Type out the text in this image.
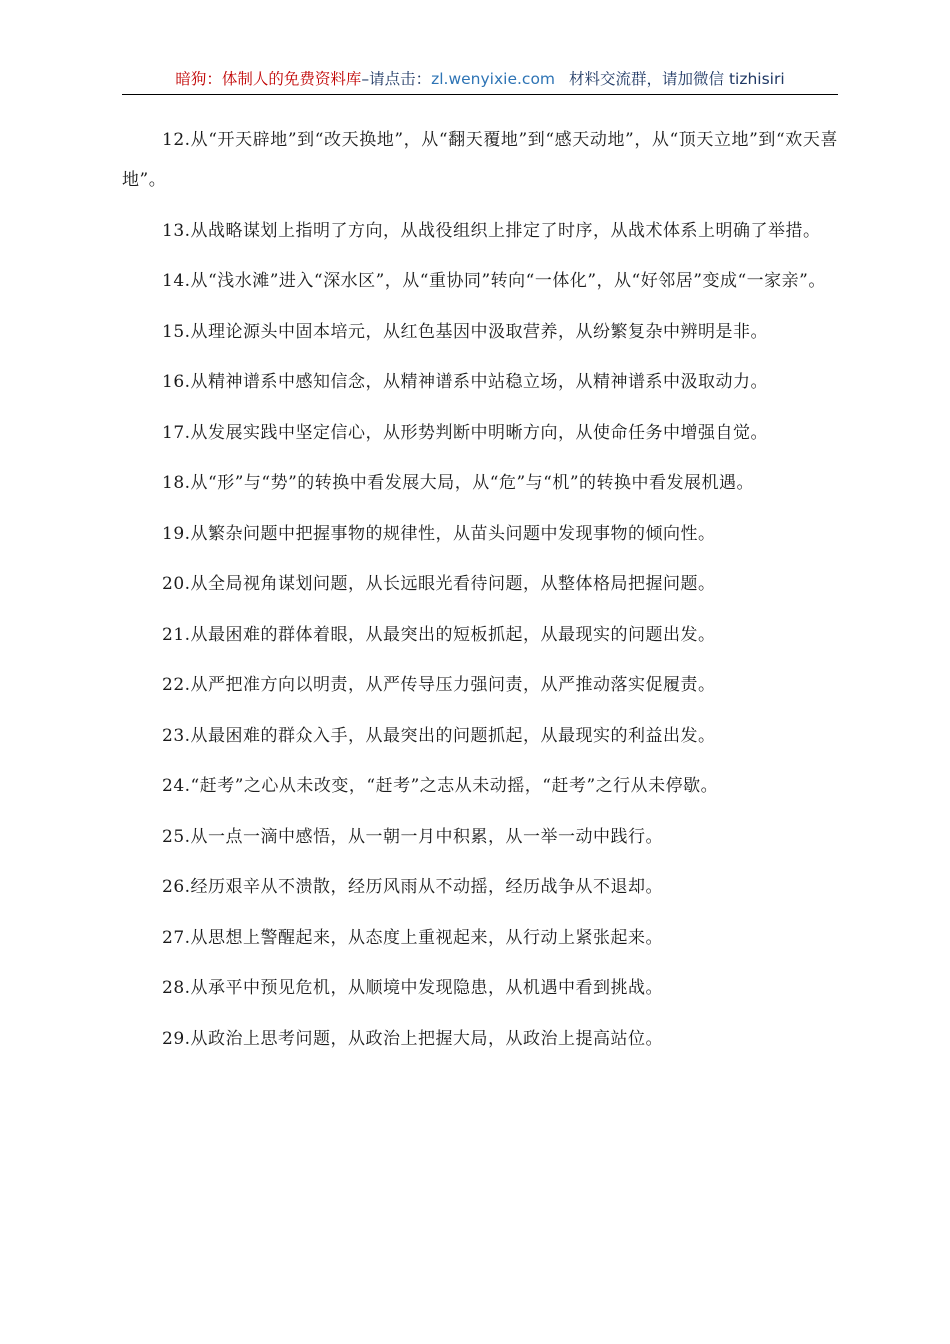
暗狗：体制人的免费资料库–请点击：zl.wenyixie.com 材料交流群，请加微信 tizhisiri

12.从“开天辟地”到“改天换地”，从“翻天覆地”到“感天动地”，从“顶天立地”到“欢天喜地”。

13.从战略谋划上指明了方向，从战役组织上排定了时序，从战术体系上明确了举措。

14.从“浅水滩”进入“深水区”，从“重协同”转向“一体化”，从“好邻居”变成“一家亲”。

15.从理论源头中固本培元，从红色基因中汲取营养，从纷繁复杂中辨明是非。

16.从精神谱系中感知信念，从精神谱系中站稳立场，从精神谱系中汲取动力。

17.从发展实践中坚定信心，从形势判断中明晰方向，从使命任务中增强自觉。

18.从“形”与“势”的转换中看发展大局，从“危”与“机”的转换中看发展机遇。

19.从繁杂问题中把握事物的规律性，从苗头问题中发现事物的倾向性。

20.从全局视角谋划问题，从长远眼光看待问题，从整体格局把握问题。

21.从最困难的群体着眼，从最突出的短板抓起，从最现实的问题出发。

22.从严把准方向以明责，从严传导压力强问责，从严推动落实促履责。

23.从最困难的群众入手，从最突出的问题抓起，从最现实的利益出发。

24.“赶考”之心从未改变，“赶考”之志从未动摇，“赶考”之行从未停歇。

25.从一点一滴中感悟，从一朝一月中积累，从一举一动中践行。

26.经历艰辛从不溃散，经历风雨从不动摇，经历战争从不退却。

27.从思想上警醒起来，从态度上重视起来，从行动上紧张起来。

28.从承平中预见危机，从顺境中发现隐患，从机遇中看到挑战。

29.从政治上思考问题，从政治上把握大局，从政治上提高站位。
